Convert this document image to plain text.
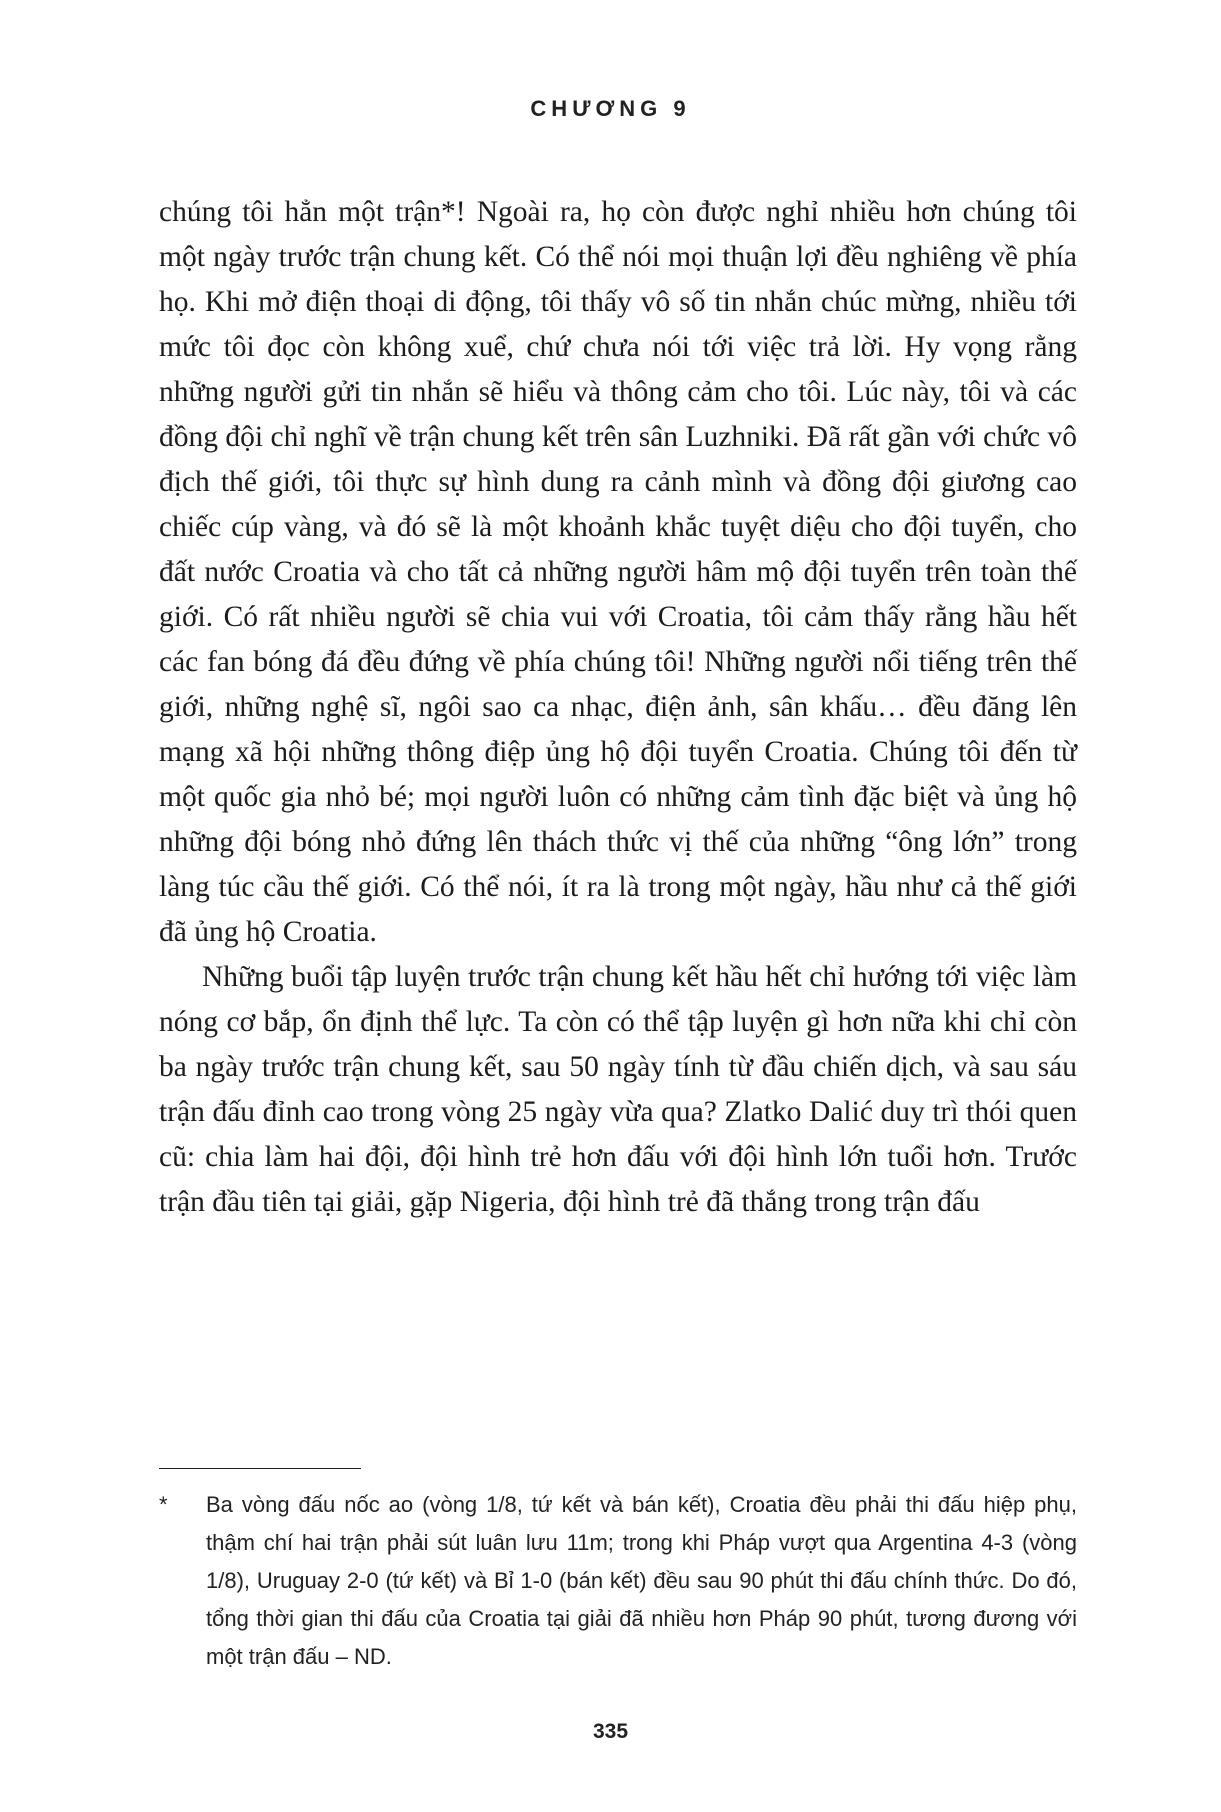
CHƯƠNG 9

chúng tôi hẳn một trận*! Ngoài ra, họ còn được nghỉ nhiều hơn chúng tôi một ngày trước trận chung kết. Có thể nói mọi thuận lợi đều nghiêng về phía họ. Khi mở điện thoại di động, tôi thấy vô số tin nhắn chúc mừng, nhiều tới mức tôi đọc còn không xuể, chứ chưa nói tới việc trả lời. Hy vọng rằng những người gửi tin nhắn sẽ hiểu và thông cảm cho tôi. Lúc này, tôi và các đồng đội chỉ nghĩ về trận chung kết trên sân Luzhniki. Đã rất gần với chức vô địch thế giới, tôi thực sự hình dung ra cảnh mình và đồng đội giương cao chiếc cúp vàng, và đó sẽ là một khoảnh khắc tuyệt diệu cho đội tuyển, cho đất nước Croatia và cho tất cả những người hâm mộ đội tuyển trên toàn thế giới. Có rất nhiều người sẽ chia vui với Croatia, tôi cảm thấy rằng hầu hết các fan bóng đá đều đứng về phía chúng tôi! Những người nổi tiếng trên thế giới, những nghệ sĩ, ngôi sao ca nhạc, điện ảnh, sân khấu… đều đăng lên mạng xã hội những thông điệp ủng hộ đội tuyển Croatia. Chúng tôi đến từ một quốc gia nhỏ bé; mọi người luôn có những cảm tình đặc biệt và ủng hộ những đội bóng nhỏ đứng lên thách thức vị thế của những “ông lớn” trong làng túc cầu thế giới. Có thể nói, ít ra là trong một ngày, hầu như cả thế giới đã ủng hộ Croatia.

Những buổi tập luyện trước trận chung kết hầu hết chỉ hướng tới việc làm nóng cơ bắp, ổn định thể lực. Ta còn có thể tập luyện gì hơn nữa khi chỉ còn ba ngày trước trận chung kết, sau 50 ngày tính từ đầu chiến dịch, và sau sáu trận đấu đỉnh cao trong vòng 25 ngày vừa qua? Zlatko Dalić duy trì thói quen cũ: chia làm hai đội, đội hình trẻ hơn đấu với đội hình lớn tuổi hơn. Trước trận đầu tiên tại giải, gặp Nigeria, đội hình trẻ đã thắng trong trận đấu

* Ba vòng đấu nốc ao (vòng 1/8, tứ kết và bán kết), Croatia đều phải thi đấu hiệp phụ, thậm chí hai trận phải sút luân lưu 11m; trong khi Pháp vượt qua Argentina 4-3 (vòng 1/8), Uruguay 2-0 (tứ kết) và Bỉ 1-0 (bán kết) đều sau 90 phút thi đấu chính thức. Do đó, tổng thời gian thi đấu của Croatia tại giải đã nhiều hơn Pháp 90 phút, tương đương với một trận đấu – ND.
335
